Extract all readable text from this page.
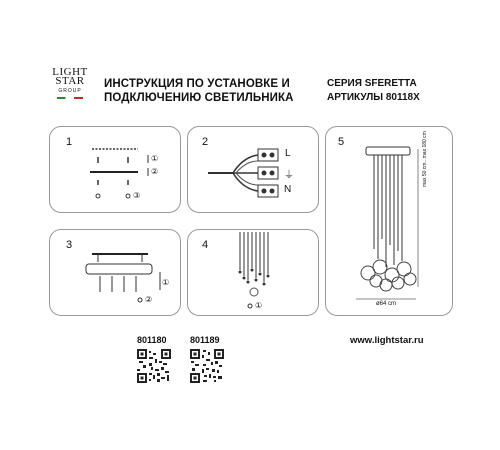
LIGHT
STAR
GROUP
ИНСТРУКЦИЯ ПО УСТАНОВКЕ И
ПОДКЛЮЧЕНИЮ СВЕТИЛЬНИКА
СЕРИЯ SFERETTA
АРТИКУЛЫ 80118X
1
①
②
③
2
L
⏚
N
3
①
②
4
①
5	max 50 cm...max 180 cm
ø64 cm
801180	801189	www.lightstar.ru
